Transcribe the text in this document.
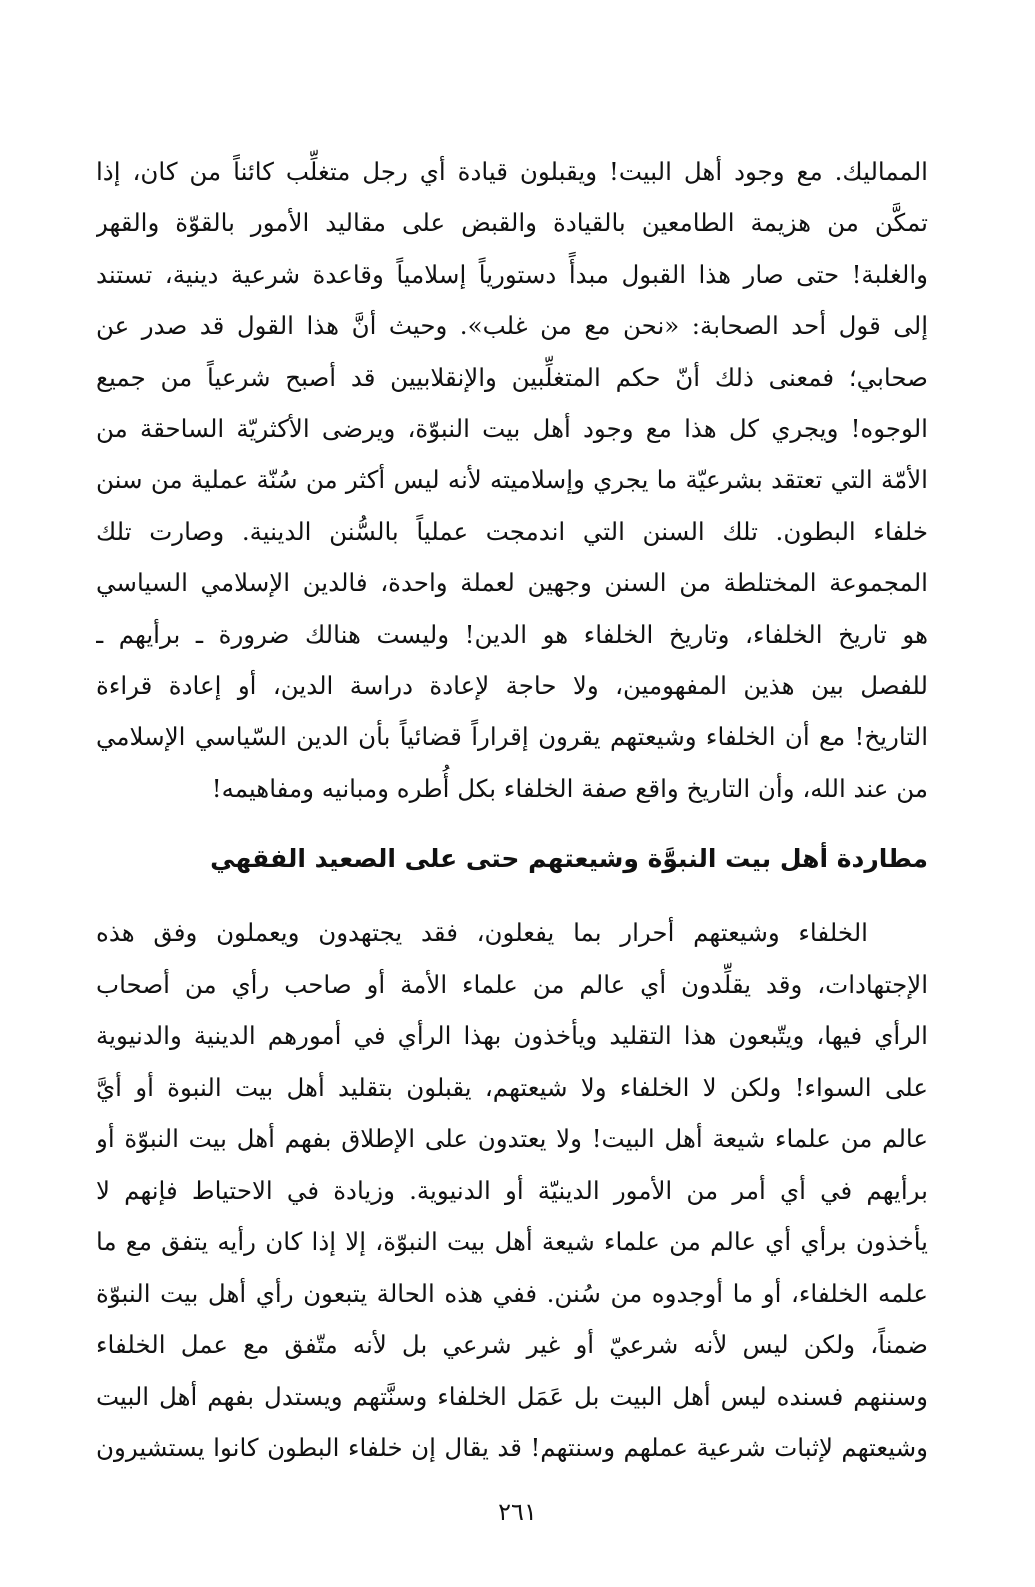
المماليك. مع وجود أهل البيت! ويقبلون قيادة أي رجل متغلِّب كائناً من كان، إذا
تمكَّن من هزيمة الطامعين بالقيادة والقبض على مقاليد الأمور بالقوّة والقهر
والغلبة! حتى صار هذا القبول مبدأً دستورياً إسلامياً وقاعدة شرعية دينية، تستند
إلى قول أحد الصحابة: «نحن مع من غلب». وحيث أنَّ هذا القول قد صدر عن
صحابي؛ فمعنى ذلك أنّ حكم المتغلِّبين والإنقلابيين قد أصبح شرعياً من جميع
الوجوه! ويجري كل هذا مع وجود أهل بيت النبوّة، ويرضى الأكثريّة الساحقة من
الأمّة التي تعتقد بشرعيّة ما يجري وإسلاميته لأنه ليس أكثر من سُنّة عملية من سنن
خلفاء البطون. تلك السنن التي اندمجت عملياً بالسُّنن الدينية. وصارت تلك
المجموعة المختلطة من السنن وجهين لعملة واحدة، فالدين الإسلامي السياسي
هو تاريخ الخلفاء، وتاريخ الخلفاء هو الدين! وليست هنالك ضرورة ـ برأيهم ـ
للفصل بين هذين المفهومين، ولا حاجة لإعادة دراسة الدين، أو إعادة قراءة
التاريخ! مع أن الخلفاء وشيعتهم يقرون إقراراً قضائياً بأن الدين السّياسي الإسلامي
من عند الله، وأن التاريخ واقع صفة الخلفاء بكل أُطره ومبانيه ومفاهيمه!
مطاردة أهل بيت النبوَّة وشيعتهم حتى على الصعيد الفقهي
الخلفاء وشيعتهم أحرار بما يفعلون، فقد يجتهدون ويعملون وفق هذه
الإجتهادات، وقد يقلِّدون أي عالم من علماء الأمة أو صاحب رأي من أصحاب
الرأي فيها، ويتّبعون هذا التقليد ويأخذون بهذا الرأي في أمورهم الدينية والدنيوية
على السواء! ولكن لا الخلفاء ولا شيعتهم، يقبلون بتقليد أهل بيت النبوة أو أيَّ
عالم من علماء شيعة أهل البيت! ولا يعتدون على الإطلاق بفهم أهل بيت النبوّة أو
برأيهم في أي أمر من الأمور الدينيّة أو الدنيوية. وزيادة في الاحتياط فإنهم لا
يأخذون برأي أي عالم من علماء شيعة أهل بيت النبوّة، إلا إذا كان رأيه يتفق مع ما
علمه الخلفاء، أو ما أوجدوه من سُنن. ففي هذه الحالة يتبعون رأي أهل بيت النبوّة
ضمناً، ولكن ليس لأنه شرعيّ أو غير شرعي بل لأنه متّفق مع عمل الخلفاء
وسننهم فسنده ليس أهل البيت بل عَمَل الخلفاء وسنَّتهم ويستدل بفهم أهل البيت
وشيعتهم لإثبات شرعية عملهم وسنتهم! قد يقال إن خلفاء البطون كانوا يستشيرون
٢٦١
